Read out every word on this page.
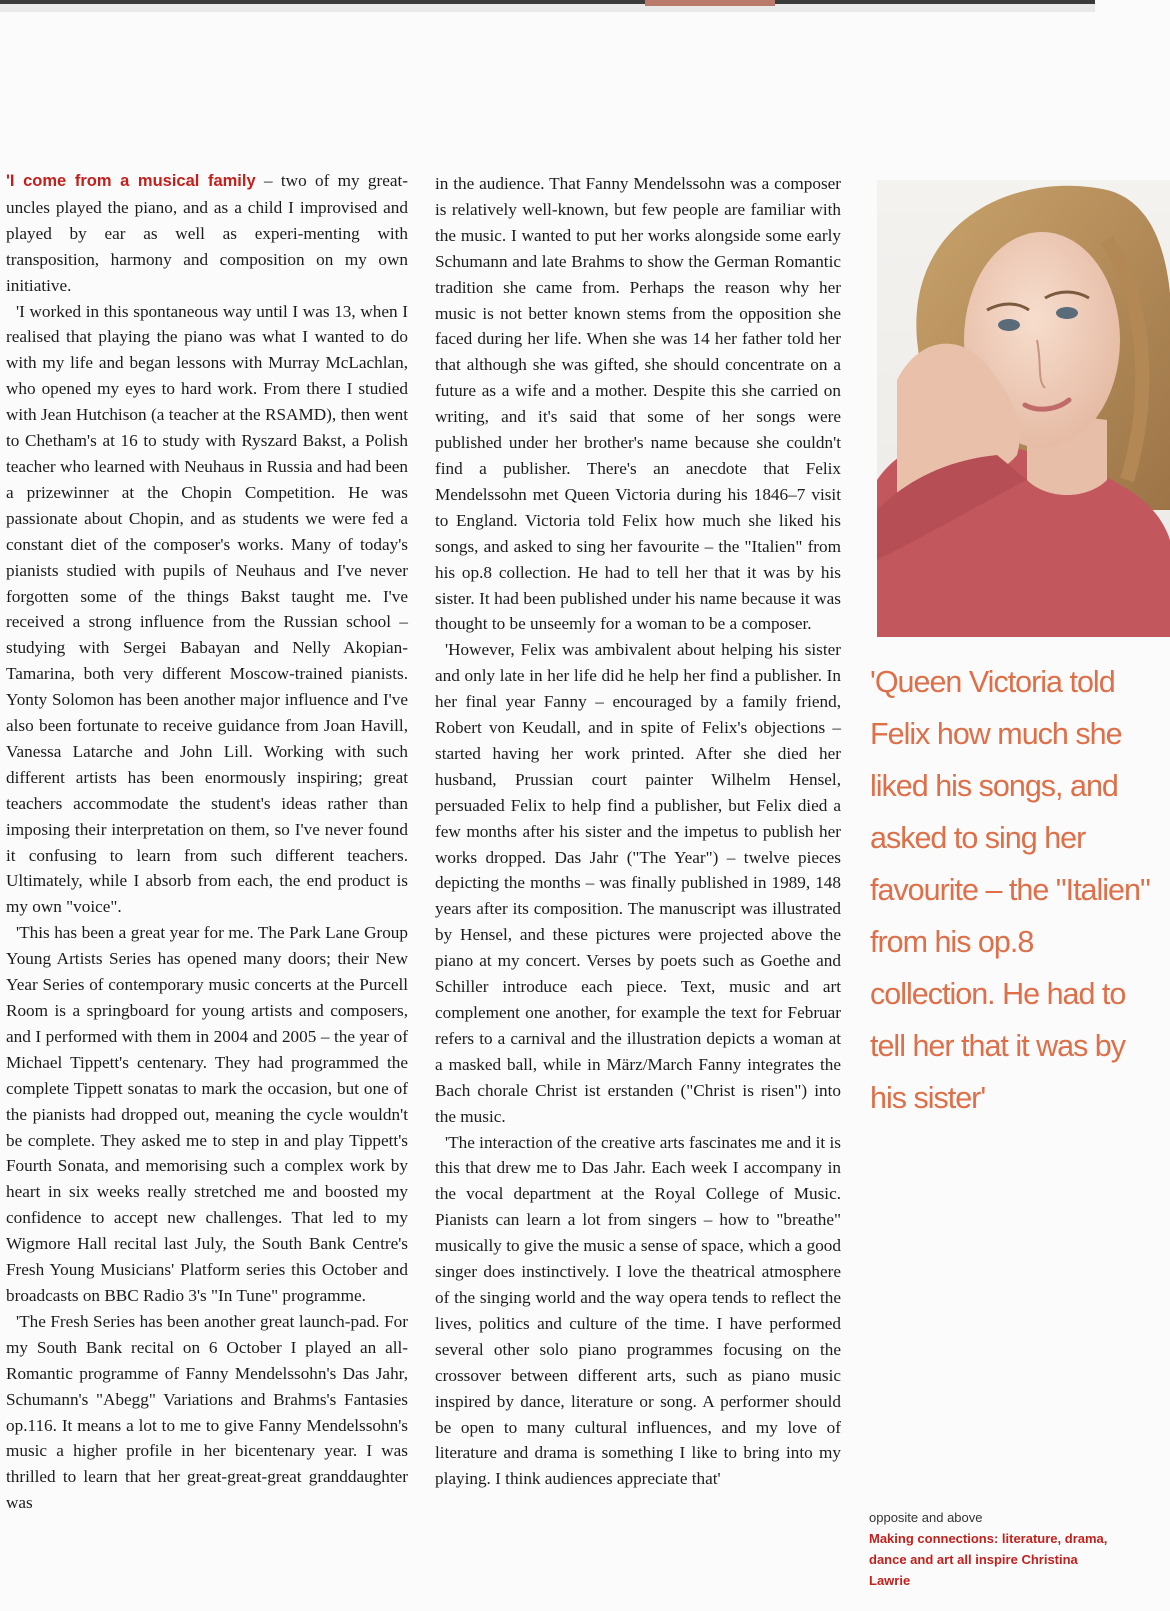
'I come from a musical family – two of my great-uncles played the piano, and as a child I improvised and played by ear as well as experi-menting with transposition, harmony and composition on my own initiative.

'I worked in this spontaneous way until I was 13, when I realised that playing the piano was what I wanted to do with my life and began lessons with Murray McLachlan, who opened my eyes to hard work. From there I studied with Jean Hutchison (a teacher at the RSAMD), then went to Chetham's at 16 to study with Ryszard Bakst, a Polish teacher who learned with Neuhaus in Russia and had been a prizewinner at the Chopin Competition. He was passionate about Chopin, and as students we were fed a constant diet of the composer's works. Many of today's pianists studied with pupils of Neuhaus and I've never forgotten some of the things Bakst taught me. I've received a strong influence from the Russian school – studying with Sergei Babayan and Nelly Akopian-Tamarina, both very different Moscow-trained pianists. Yonty Solomon has been another major influence and I've also been fortunate to receive guidance from Joan Havill, Vanessa Latarche and John Lill. Working with such different artists has been enormously inspiring; great teachers accommodate the student's ideas rather than imposing their interpretation on them, so I've never found it confusing to learn from such different teachers. Ultimately, while I absorb from each, the end product is my own "voice".

'This has been a great year for me. The Park Lane Group Young Artists Series has opened many doors; their New Year Series of contemporary music concerts at the Purcell Room is a springboard for young artists and composers, and I performed with them in 2004 and 2005 – the year of Michael Tippett's centenary. They had programmed the complete Tippett sonatas to mark the occasion, but one of the pianists had dropped out, meaning the cycle wouldn't be complete. They asked me to step in and play Tippett's Fourth Sonata, and memorising such a complex work by heart in six weeks really stretched me and boosted my confidence to accept new challenges. That led to my Wigmore Hall recital last July, the South Bank Centre's Fresh Young Musicians' Platform series this October and broadcasts on BBC Radio 3's "In Tune" programme.

'The Fresh Series has been another great launch-pad. For my South Bank recital on 6 October I played an all-Romantic programme of Fanny Mendelssohn's Das Jahr, Schumann's "Abegg" Variations and Brahms's Fantasies op.116. It means a lot to me to give Fanny Mendelssohn's music a higher profile in her bicentenary year. I was thrilled to learn that her great-great-great granddaughter was

in the audience. That Fanny Mendelssohn was a composer is relatively well-known, but few people are familiar with the music. I wanted to put her works alongside some early Schumann and late Brahms to show the German Romantic tradition she came from. Perhaps the reason why her music is not better known stems from the opposition she faced during her life. When she was 14 her father told her that although she was gifted, she should concentrate on a future as a wife and a mother. Despite this she carried on writing, and it's said that some of her songs were published under her brother's name because she couldn't find a publisher. There's an anecdote that Felix Mendelssohn met Queen Victoria during his 1846–7 visit to England. Victoria told Felix how much she liked his songs, and asked to sing her favourite – the "Italien" from his op.8 collection. He had to tell her that it was by his sister. It had been published under his name because it was thought to be unseemly for a woman to be a composer.

'However, Felix was ambivalent about helping his sister and only late in her life did he help her find a publisher. In her final year Fanny – encouraged by a family friend, Robert von Keudall, and in spite of Felix's objections – started having her work printed. After she died her husband, Prussian court painter Wilhelm Hensel, persuaded Felix to help find a publisher, but Felix died a few months after his sister and the impetus to publish her works dropped. Das Jahr ("The Year") – twelve pieces depicting the months – was finally published in 1989, 148 years after its composition. The manuscript was illustrated by Hensel, and these pictures were projected above the piano at my concert. Verses by poets such as Goethe and Schiller introduce each piece. Text, music and art complement one another, for example the text for Februar refers to a carnival and the illustration depicts a woman at a masked ball, while in März/March Fanny integrates the Bach chorale Christ ist erstanden ("Christ is risen") into the music.

'The interaction of the creative arts fascinates me and it is this that drew me to Das Jahr. Each week I accompany in the vocal department at the Royal College of Music. Pianists can learn a lot from singers – how to "breathe" musically to give the music a sense of space, which a good singer does instinctively. I love the theatrical atmosphere of the singing world and the way opera tends to reflect the lives, politics and culture of the time. I have performed several other solo piano programmes focusing on the crossover between different arts, such as piano music inspired by dance, literature or song. A performer should be open to many cultural influences, and my love of literature and drama is something I like to bring into my playing. I think audiences appreciate that'

'Queen Victoria told Felix how much she liked his songs, and asked to sing her favourite – the "Italien" from his op.8 collection. He had to tell her that it was by his sister'
opposite and above
Making connections: literature, drama, dance and art all inspire Christina Lawrie
